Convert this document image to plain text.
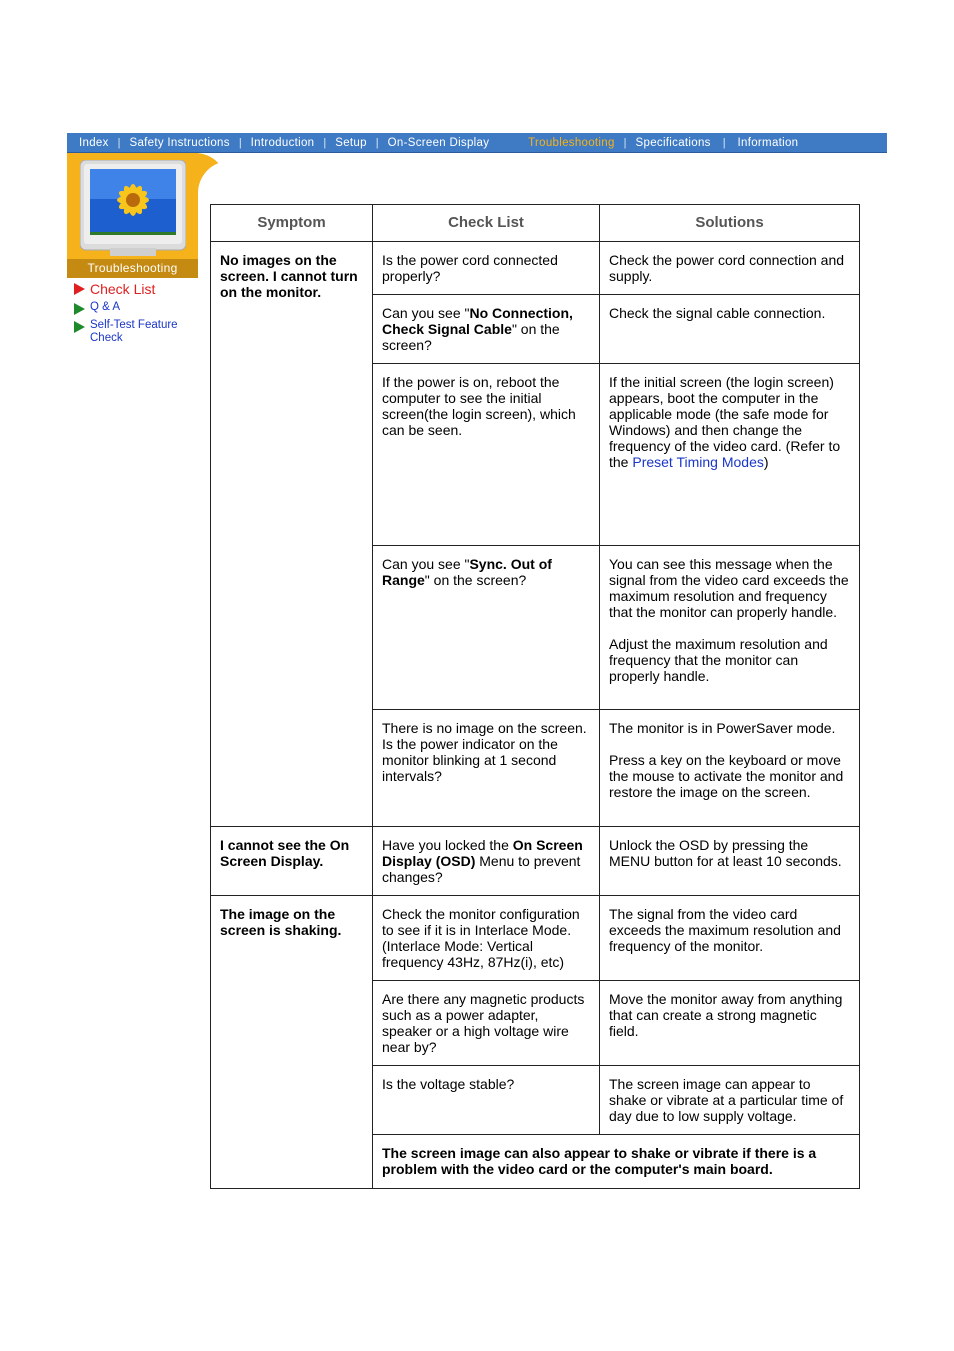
Index | Safety Instructions | Introduction | Setup | On-Screen Display	Troubleshooting | Specifications | Information
Troubleshooting
Check List
Q & A
Self-Test Feature Check
Symptom	Check List	Solutions
No images on the screen. I cannot turn on the monitor.	Is the power cord connected properly?	Check the power cord connection and supply.
	Can you see "No Connection, Check Signal Cable" on the screen?	Check the signal cable connection.
	If the power is on, reboot the computer to see the initial screen(the login screen), which can be seen.	If the initial screen (the login screen) appears, boot the computer in the applicable mode (the safe mode for Windows) and then change the frequency of the video card. (Refer to the Preset Timing Modes)
	Can you see "Sync. Out of Range" on the screen?	You can see this message when the signal from the video card exceeds the maximum resolution and frequency that the monitor can properly handle.
Adjust the maximum resolution and frequency that the monitor can properly handle.

	There is no image on the screen. Is the power indicator on the monitor blinking at 1 second intervals?	The monitor is in PowerSaver mode.
Press a key on the keyboard or move the mouse to activate the monitor and restore the image on the screen.

I cannot see the On Screen Display.	Have you locked the On Screen Display (OSD) Menu to prevent changes?	Unlock the OSD by pressing the MENU button for at least 10 seconds.
The image on the screen is shaking.	Check the monitor configuration to see if it is in Interlace Mode. (Interlace Mode: Vertical frequency 43Hz, 87Hz(i), etc)	The signal from the video card exceeds the maximum resolution and frequency of the monitor.
	Are there any magnetic products such as a power adapter, speaker or a high voltage wire near by?	Move the monitor away from anything that can create a strong magnetic field.
	Is the voltage stable?	The screen image can appear to shake or vibrate at a particular time of day due to low supply voltage.
	The screen image can also appear to shake or vibrate if there is a problem with the video card or the computer's main board.	
